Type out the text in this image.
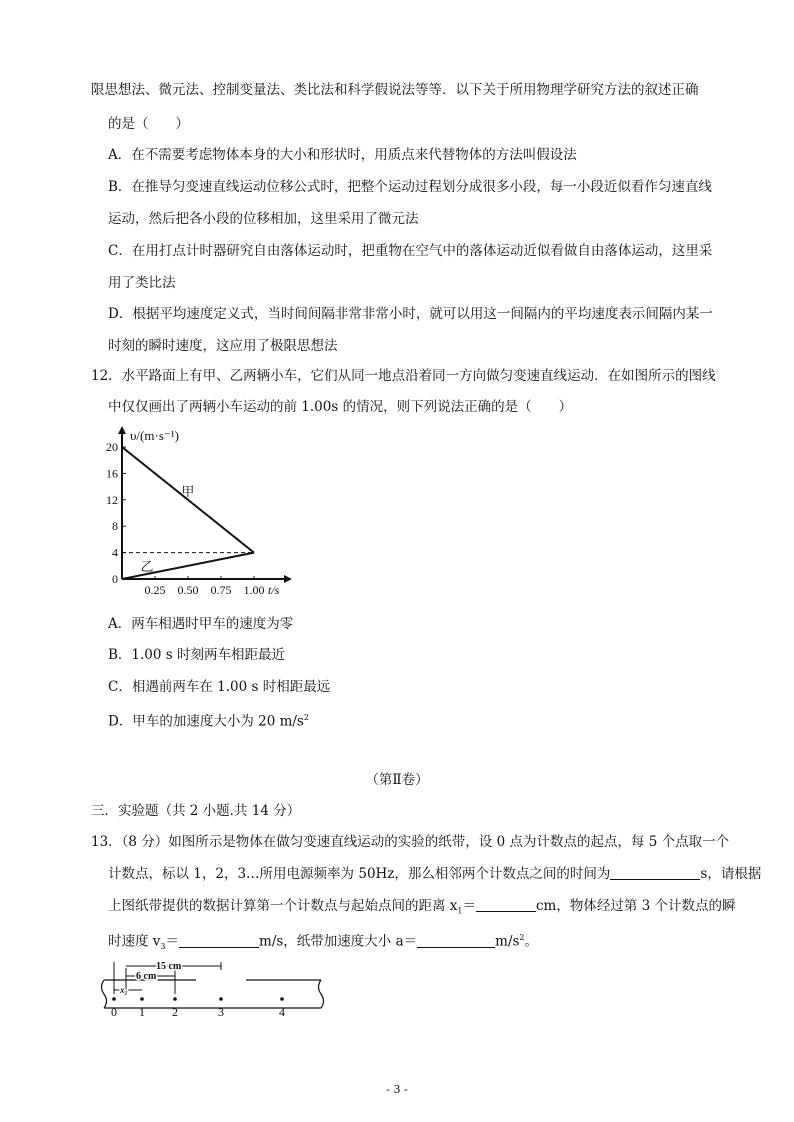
限思想法、微元法、控制变量法、类比法和科学假说法等等．以下关于所用物理学研究方法的叙述正确
的是（　　）
A．在不需要考虑物体本身的大小和形状时，用质点来代替物体的方法叫假设法
B．在推导匀变速直线运动位移公式时，把整个运动过程划分成很多小段，每一小段近似看作匀速直线
运动，然后把各小段的位移相加，这里采用了微元法
C．在用打点计时器研究自由落体运动时，把重物在空气中的落体运动近似看做自由落体运动，这里采
用了类比法
D．根据平均速度定义式，当时间间隔非常非常小时，就可以用这一间隔内的平均速度表示间隔内某一
时刻的瞬时速度，这应用了极限思想法
12．水平路面上有甲、乙两辆小车，它们从同一地点沿着同一方向做匀变速直线运动．在如图所示的图线
中仅仅画出了两辆小车运动的前 1.00s 的情况，则下列说法正确的是（　　）
0
4
8
12
16
20
0.25 0.50 0.75 1.00
υ/(m·s⁻¹)
t/s
甲
乙
A．两车相遇时甲车的速度为零
B．1.00 s 时刻两车相距最近
C．相遇前两车在 1.00 s 时相距最远
D．甲车的加速度大小为 20 $m/s^2$
（第Ⅱ卷）
三．实验题（共 2 小题.共 14 分）
13．（8 分）如图所示是物体在做匀变速直线运动的实验的纸带，设 0 点为计数点的起点，每 5 个点取一个
计数点，标以 1，2，3…所用电源频率为 50Hz，那么相邻两个计数点之间的时间为	s，请根据
上图纸带提供的数据计算第一个计数点与起始点间的距离 $x_1=$	cm，物体经过第 3 个计数点的瞬
时速度 $v_3=$	m/s，纸带加速度大小 a＝	$m/s^2$。
15 cm
6 cm
x₁
0 1 2	3	4
- 3 -
